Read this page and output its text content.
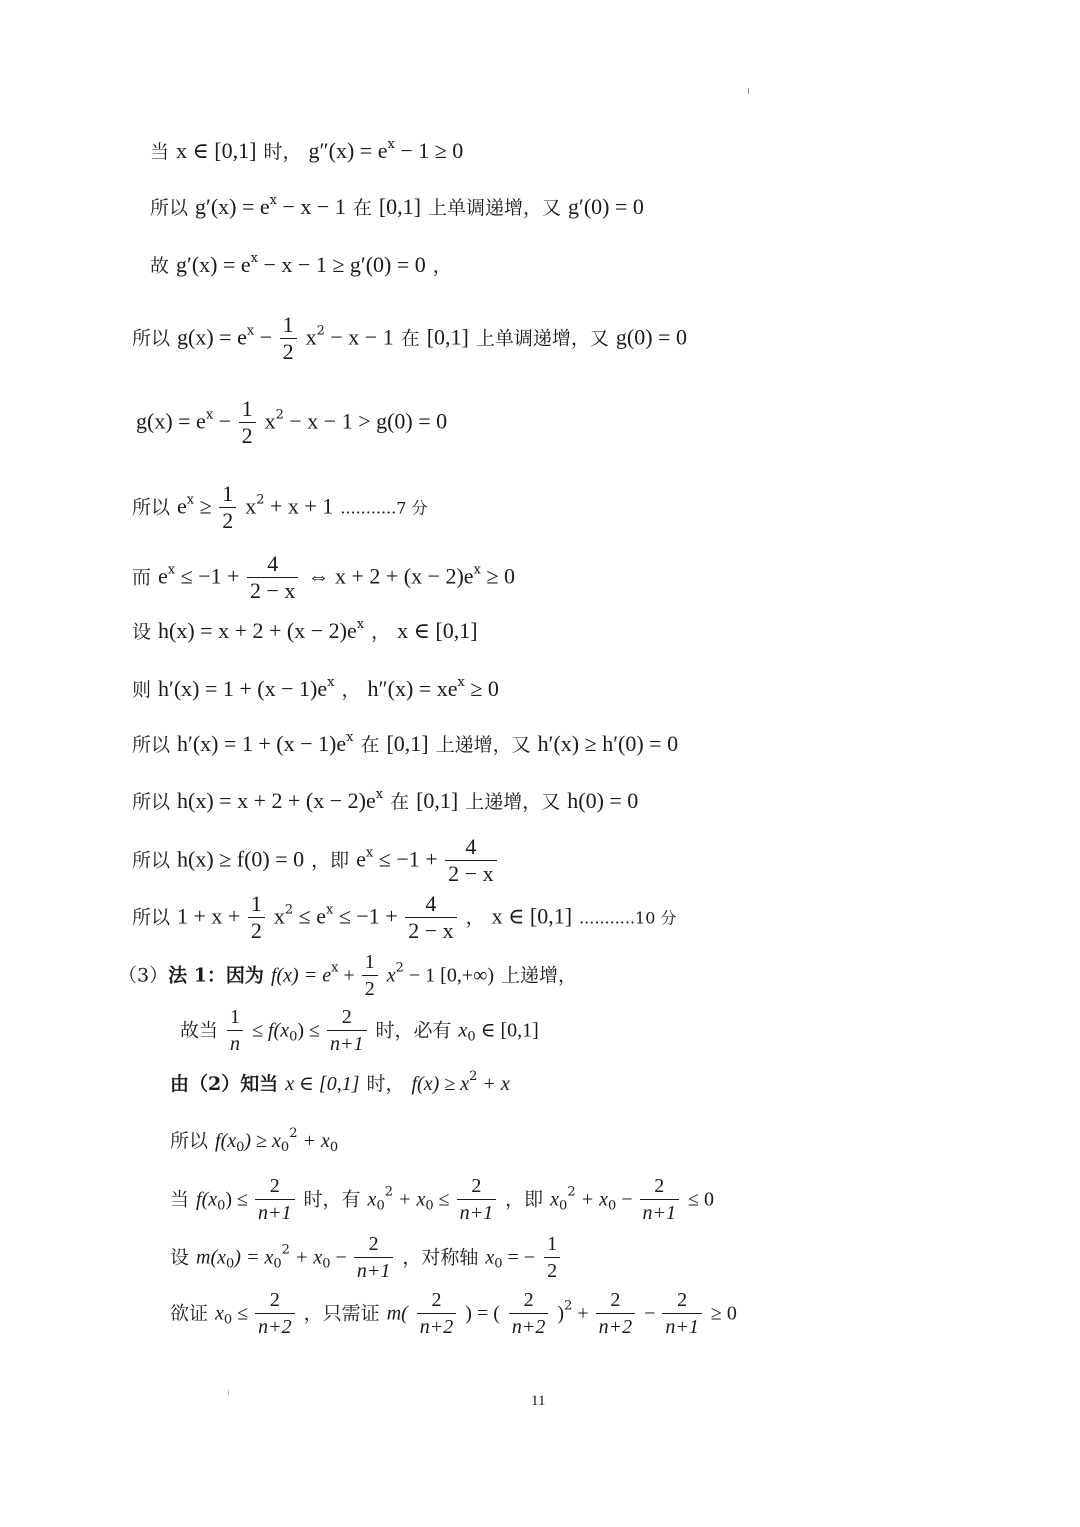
当 x ∈ [0,1] 时， $g''(x) = e^x - 1 \ge 0$
所以 $g'(x) = e^x - x - 1$ 在 [0,1] 上单调递增，又 g′(0) = 0
故 $g'(x) = e^x - x - 1 \ge g'(0) = 0$ ，
所以 $g(x) = e^x - \frac{1}{2} x^2 - x - 1$ 在 [0,1] 上单调递增，又 g(0) = 0
$g(x) = e^x - \frac{1}{2} x^2 - x - 1 > g(0) = 0$
所以 $e^x \ge \frac{1}{2} x^2 + x + 1$ ...........7 分
而 $e^x \le -1 + \frac{4}{2 - x}$ ⇔ $x + 2 + (x - 2)e^x \ge 0$
设 $h(x) = x + 2 + (x - 2)e^x$ ， x ∈ [0,1]
则 $h'(x) = 1 + (x - 1)e^x$ ， $h''(x) = xe^x \ge 0$
所以 $h'(x) = 1 + (x - 1)e^x$ 在 [0,1] 上递增，又 h′(x) ≥ h′(0) = 0
所以 $h(x) = x + 2 + (x - 2)e^x$ 在 [0,1] 上递增，又 h(0) = 0
所以 h(x) ≥ f(0) = 0 ，即 $e^x \le -1 + \frac{4}{2 - x}$
所以 $1 + x + \frac{1}{2} x^2 \le e^x \le -1 + \frac{4}{2 - x}$ ， x ∈ [0,1] ...........10 分
（3）法 1：因为 $f(x) = e^x + \frac{1}{2} x^2 - 1$ [0,+∞) 上递增，
故当 $\frac{1}{n} \le f(x_0) \le \frac{2}{n+1}$ 时，必有 $x_0$ ∈ [0,1]
由（2）知当 x ∈ [0,1] 时， $f(x) \ge x^2 + x$
所以 $f(x_0) \ge x_0^2 + x_0$
当 $f(x_0) \le \frac{2}{n+1}$ 时，有 $x_0^2 + x_0 \le \frac{2}{n+1}$ ，即 $x_0^2 + x_0 - \frac{2}{n+1} \le 0$
设 $m(x_0) = x_0^2 + x_0 - \frac{2}{n+1}$ ，对称轴 $x_0$ = − $\frac{1}{2}$
欲证 $x_0 \le \frac{2}{n+2}$ ，只需证 $m( \frac{2}{n+2}$ ) = ( $\frac{2}{n+2} )^2 + \frac{2}{n+2} - \frac{2}{n+1} \ge 0$
11
